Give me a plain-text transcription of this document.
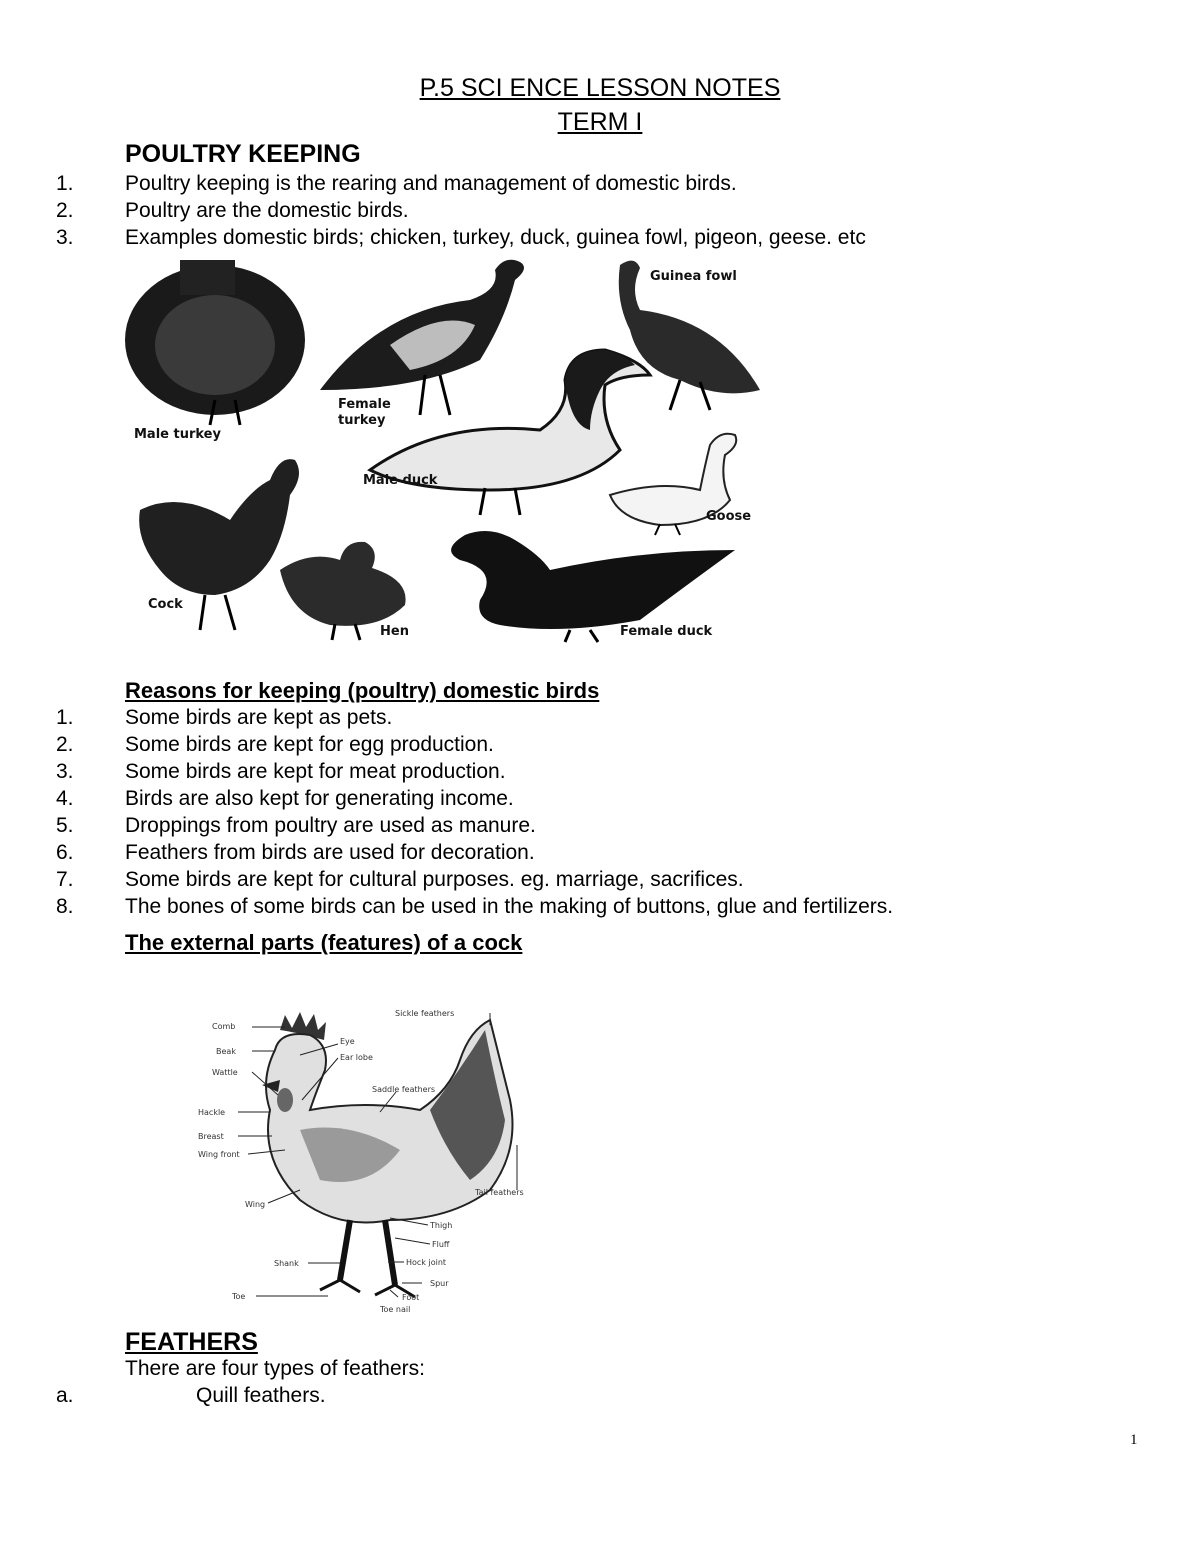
P.5 SCI ENCE LESSON NOTES
TERM I
POULTRY KEEPING
1. Poultry keeping is the rearing and management of domestic birds.
2. Poultry are the domestic birds.
3. Examples domestic birds; chicken, turkey, duck, guinea fowl, pigeon, geese. etc
Male turkey
Female
turkey
Guinea fowl
Male duck
Goose
Cock
Hen	Female duck
Reasons for keeping (poultry) domestic birds
1. Some birds are kept as pets.
2. Some birds are kept for egg production.
3. Some birds are kept for meat production.
4. Birds are also kept for generating income.
5. Droppings from poultry are used as manure.
6. Feathers from birds are used for decoration.
7. Some birds are kept for cultural purposes. eg. marriage, sacrifices.
8. The bones of some birds can be used in the making of buttons, glue and fertilizers.
The external parts (features) of a cock
Comb
Beak
Wattle
Hackle
Breast
Wing front
Wing
Shank
Toe
Eye
Ear lobe
Saddle feathers
Sickle feathers
Tail feathers
Thigh
Fluff
Hock joint
Spur
Foot
Toe nail
FEATHERS
There are four types of feathers:
a.	Quill feathers.
1
